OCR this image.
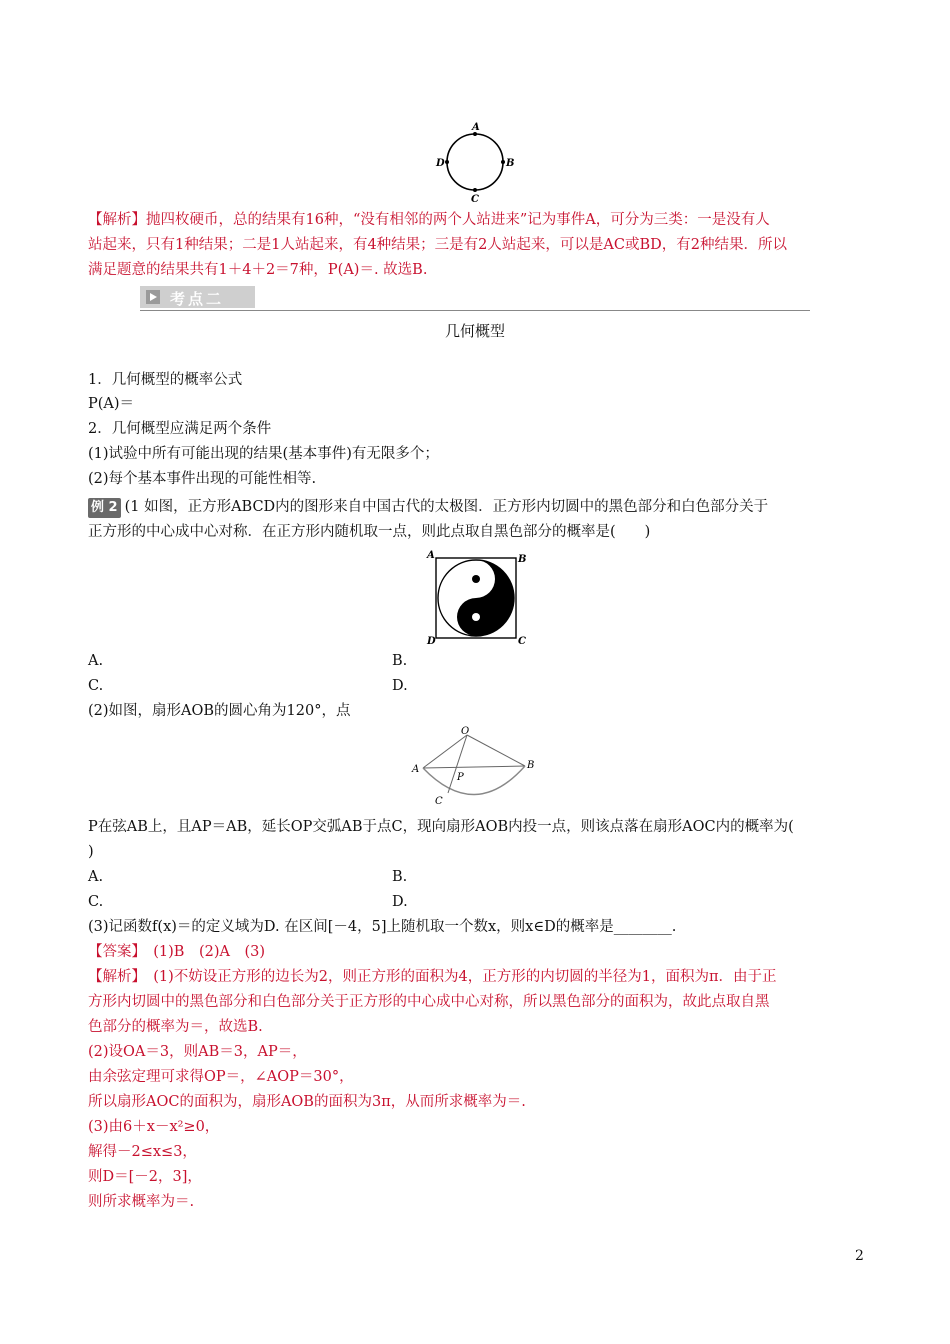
A
B
C
D
【解析】抛四枚硬币，总的结果有16种，“没有相邻的两个人站进来”记为事件A，可分为三类：一是没有人
站起来，只有1种结果；二是1人站起来，有4种结果；三是有2人站起来，可以是AC或BD，有2种结果．所以
满足题意的结果共有1＋4＋2＝7种，P(A)＝. 故选B.
考点二
几何概型
1．几何概型的概率公式
P(A)＝
2．几何概型应满足两个条件
(1)试验中所有可能出现的结果(基本事件)有无限多个；
(2)每个基本事件出现的可能性相等.
例 2 (1 如图，正方形ABCD内的图形来自中国古代的太极图．正方形内切圆中的黑色部分和白色部分关于
正方形的中心成中心对称．在正方形内随机取一点，则此点取自黑色部分的概率是(　　)
A	B
C
D
A.	B.
C.	D.
(2)如图，扇形AOB的圆心角为120°，点
O
A	B
P
C
P在弦AB上，且AP＝AB，延长OP交弧AB于点C，现向扇形AOB内投一点，则该点落在扇形AOC内的概率为(
)
A.	B.
C.	D.
(3)记函数f(x)＝的定义域为D. 在区间[－4，5]上随机取一个数x，则x∈D的概率是________.
【答案】　(1)B　(2)A　(3)
【解析】　(1)不妨设正方形的边长为2，则正方形的面积为4，正方形的内切圆的半径为1，面积为π．由于正
方形内切圆中的黑色部分和白色部分关于正方形的中心成中心对称，所以黑色部分的面积为，故此点取自黑
色部分的概率为＝，故选B.
(2)设OA＝3，则AB＝3，AP＝，
由余弦定理可求得OP＝，∠AOP＝30°，
所以扇形AOC的面积为，扇形AOB的面积为3π，从而所求概率为＝.
(3)由6＋x－x²≥0，
解得－2≤x≤3，
则D＝[－2，3]，
则所求概率为＝.
2
